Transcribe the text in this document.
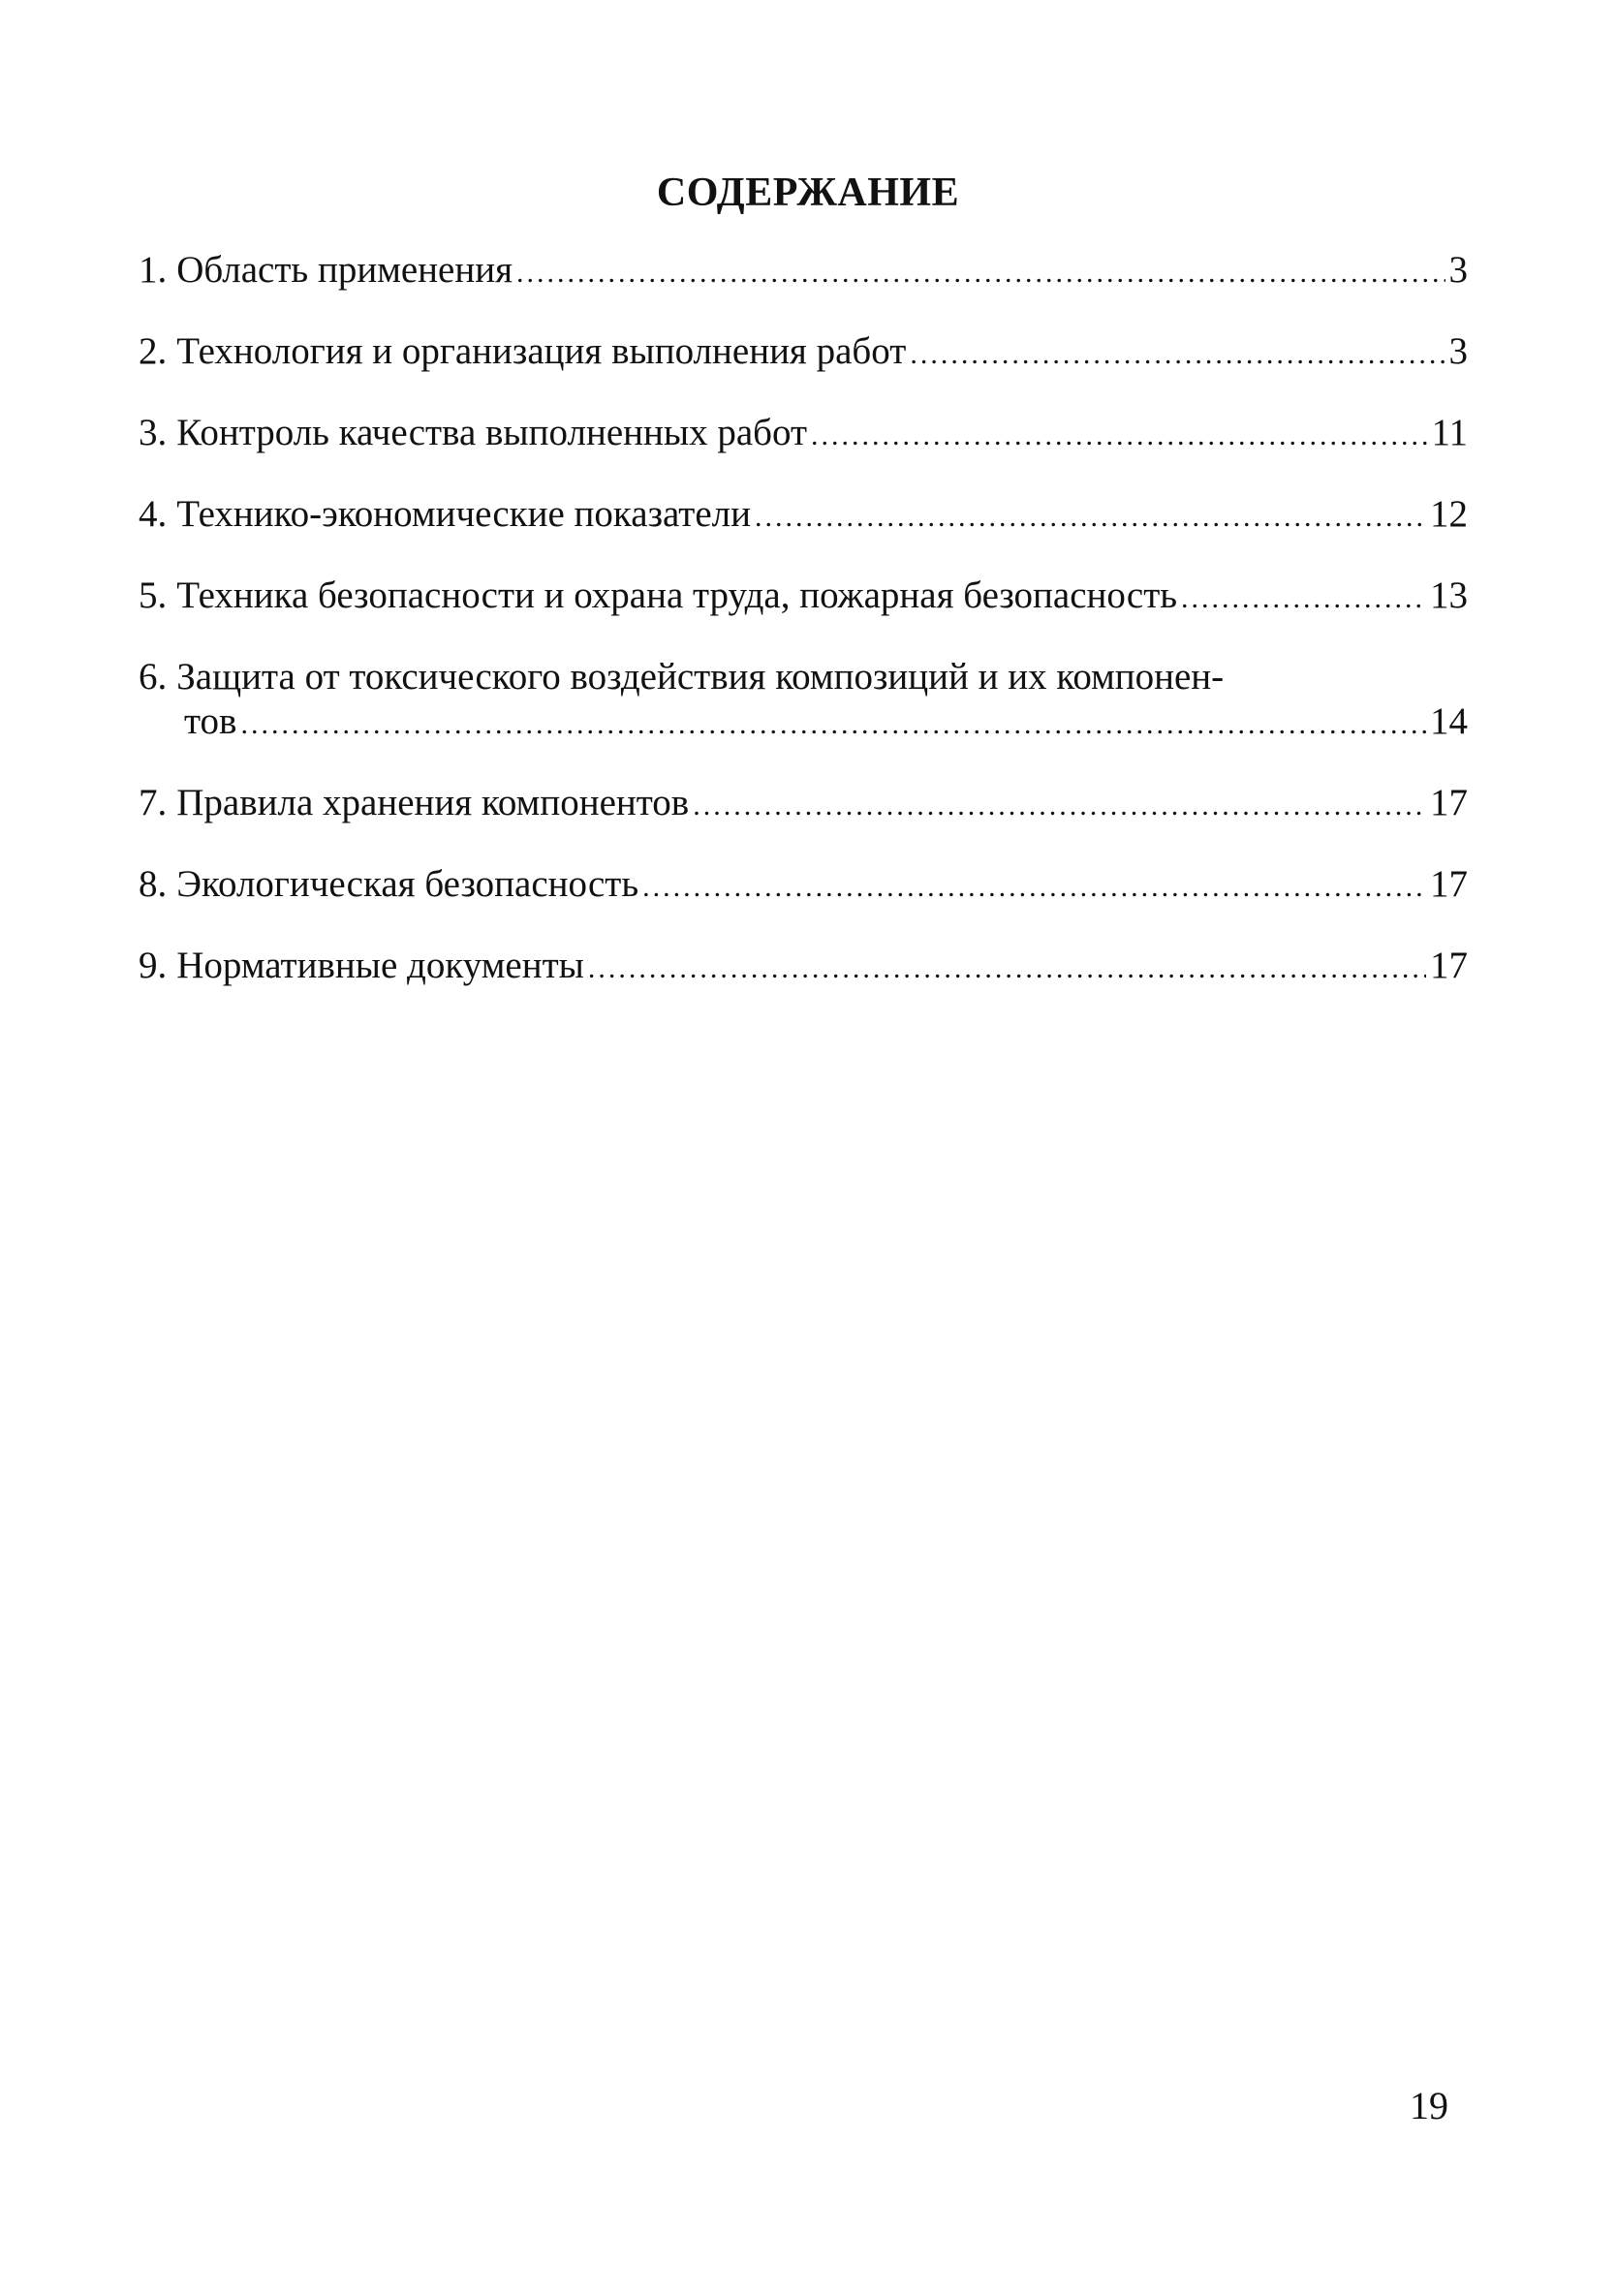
СОДЕРЖАНИЕ
1. Область применения .....	3
2. Технология и организация выполнения работ .....	3
3. Контроль качества выполненных работ .....	11
4. Технико-экономические показатели .....	12
5. Техника безопасности и охрана труда, пожарная безопасность .....	13
6. Защита от токсического воздействия композиций и их компонен-
тов .....	14
7. Правила хранения компонентов .....	17
8. Экологическая безопасность .....	17
9. Нормативные документы .....	17
19
